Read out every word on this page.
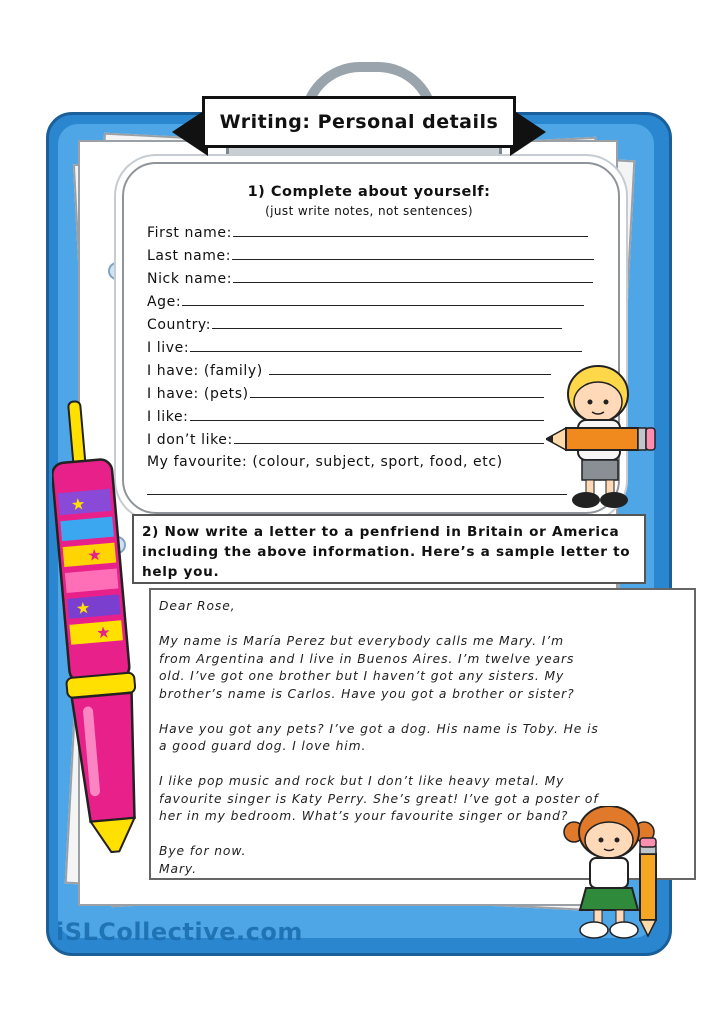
Writing: Personal details
1) Complete about yourself:
(just write notes, not sentences)
First name:
Last name:
Nick name:
Age:
Country:
I live:
I have: (family)
I have: (pets)
I like:
I don’t like:
My favourite: (colour, subject, sport, food, etc)
2) Now write a letter to a penfriend in Britain or America including the above information. Here’s a sample letter to help you.

Dear Rose,

My name is María Perez but everybody calls me Mary. I’m from Argentina and I live in Buenos Aires. I’m twelve years old. I’ve got one brother but I haven’t got any sisters. My brother’s name is Carlos. Have you got a brother or sister?

Have you got any pets? I’ve got a dog. His name is Toby. He is a good guard dog. I love him.

I like pop music and rock but I don’t like heavy metal. My favourite singer is Katy Perry. She’s great! I’ve got a poster of her in my bedroom. What’s your favourite singer or band?

Bye for now.
Mary.
★
★
★
★
iSLCollective.com
